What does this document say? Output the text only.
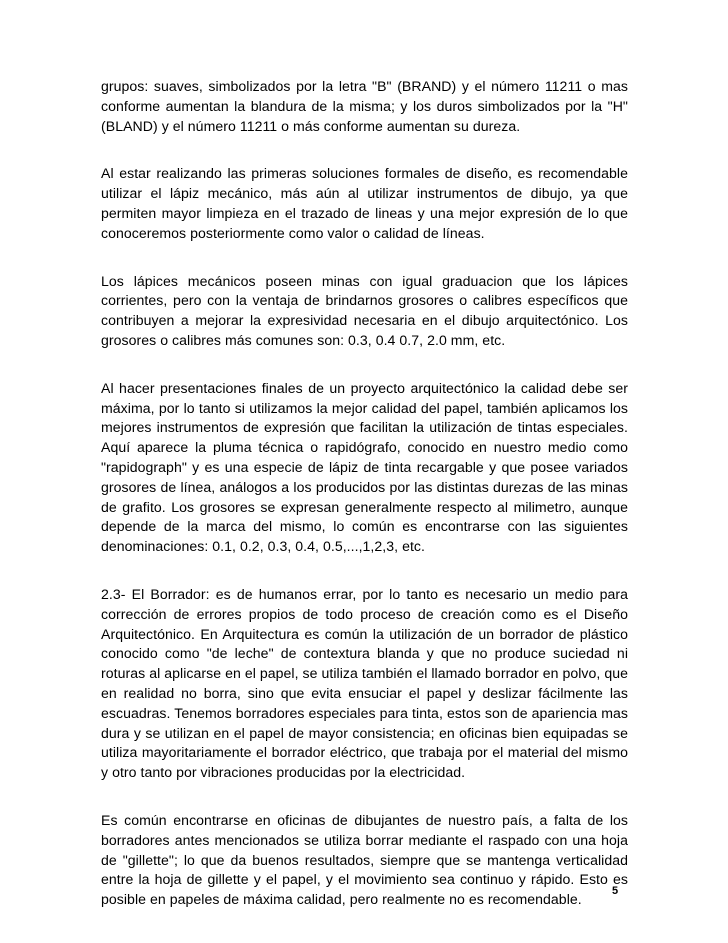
grupos: suaves, simbolizados por la letra "B" (BRAND) y el número 11211 o mas conforme aumentan la blandura de la misma; y los duros simbolizados por la "H" (BLAND) y el número 11211 o más conforme aumentan su dureza.

Al estar realizando las primeras soluciones formales de diseño, es recomendable utilizar el lápiz mecánico, más aún al utilizar instrumentos de dibujo, ya que permiten mayor limpieza en el trazado de lineas y una mejor expresión de lo que conoceremos posteriormente como valor o calidad de líneas.

Los lápices mecánicos poseen minas con igual graduacion que los lápices corrientes, pero con la ventaja de brindarnos grosores o calibres específicos que contribuyen a mejorar la expresividad necesaria en el dibujo arquitectónico. Los grosores o calibres más comunes son: 0.3, 0.4 0.7, 2.0 mm, etc.

Al hacer presentaciones finales de un proyecto arquitectónico la calidad debe ser máxima, por lo tanto si utilizamos la mejor calidad del papel, también aplicamos los mejores instrumentos de expresión que facilitan la utilización de tintas especiales. Aquí aparece la pluma técnica o rapidógrafo, conocido en nuestro medio como "rapidograph" y es una especie de lápiz de tinta recargable y que posee variados grosores de línea, análogos a los producidos por las distintas durezas de las minas de grafito. Los grosores se expresan generalmente respecto al milimetro, aunque depende de la marca del mismo, lo común es encontrarse con las siguientes denominaciones: 0.1, 0.2, 0.3, 0.4, 0.5,...,1,2,3, etc.

2.3- El Borrador: es de humanos errar, por lo tanto es necesario un medio para corrección de errores propios de todo proceso de creación como es el Diseño Arquitectónico. En Arquitectura es común la utilización de un borrador de plástico conocido como "de leche" de contextura blanda y que no produce suciedad ni roturas al aplicarse en el papel, se utiliza también el llamado borrador en polvo, que en realidad no borra, sino que evita ensuciar el papel y deslizar fácilmente las escuadras. Tenemos borradores especiales para tinta, estos son de apariencia mas dura y se utilizan en el papel de mayor consistencia; en oficinas bien equipadas se utiliza mayoritariamente el borrador eléctrico, que trabaja por el material del mismo y otro tanto por vibraciones producidas por la electricidad.

Es común encontrarse en oficinas de dibujantes de nuestro país, a falta de los borradores antes mencionados se utiliza borrar mediante el raspado con una hoja de "gillette"; lo que da buenos resultados, siempre que se mantenga verticalidad entre la hoja de gillette y el papel, y el movimiento sea continuo y rápido. Esto es posible en papeles de máxima calidad, pero realmente no es recomendable.

5
